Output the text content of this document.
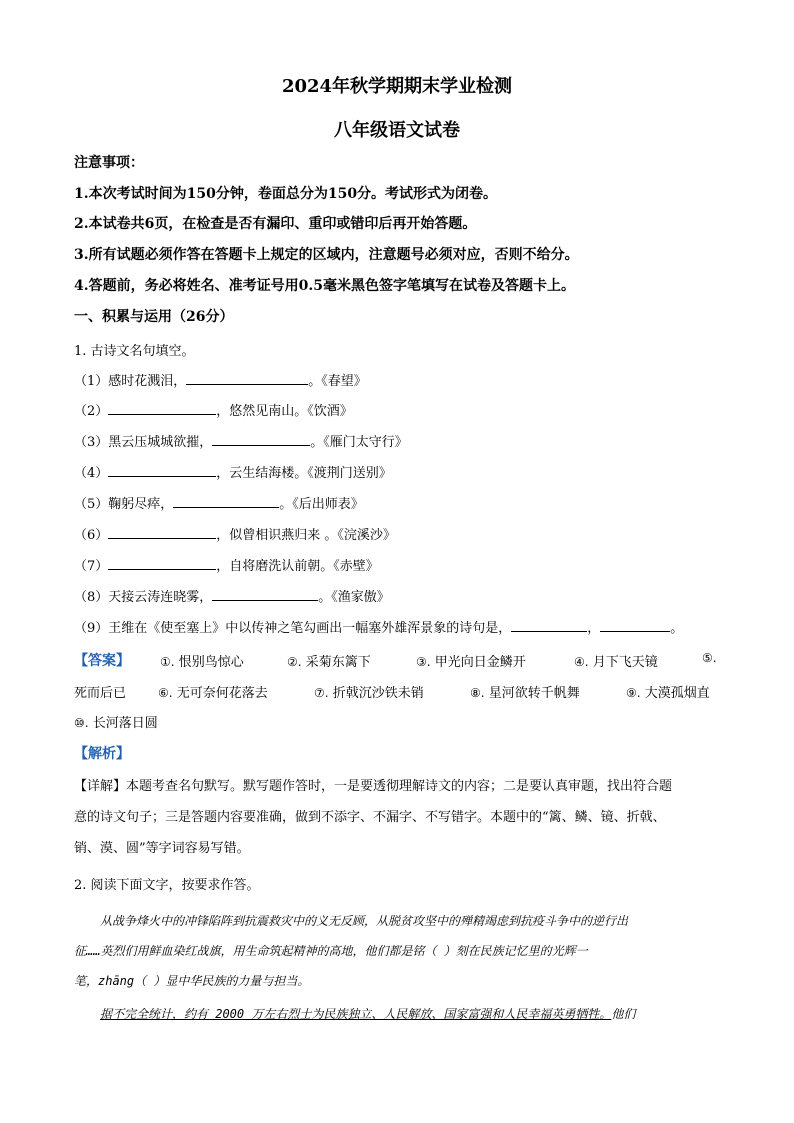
2024年秋学期期末学业检测
八年级语文试卷
注意事项：
1.本次考试时间为150分钟，卷面总分为150分。考试形式为闭卷。
2.本试卷共6页，在检查是否有漏印、重印或错印后再开始答题。
3.所有试题必须作答在答题卡上规定的区域内，注意题号必须对应，否则不给分。
4.答题前，务必将姓名、准考证号用0.5毫米黑色签字笔填写在试卷及答题卡上。
一、积累与运用（26分）
1. 古诗文名句填空。
（1）感时花溅泪，	。《春望》
（2）	，悠然见南山。《饮酒》
（3）黑云压城城欲摧，	。《雁门太守行》
（4）	，云生结海楼。《渡荆门送别》
（5）鞠躬尽瘁，	。《后出师表》
（6）	，似曾相识燕归来 。《浣溪沙》
（7）	，自将磨洗认前朝。《赤壁》
（8）天接云涛连晓雾，	。《渔家傲》
（9）王维在《使至塞上》中以传神之笔勾画出一幅塞外雄浑景象的诗句是，	，	。
【答案】	①. 恨别鸟惊心	②. 采菊东篱下	③. 甲光向日金鳞开	④. 月下飞天镜	⑤.
死而后已	⑥. 无可奈何花落去	⑦. 折戟沉沙铁未销	⑧. 星河欲转千帆舞	⑨. 大漠孤烟直
⑩. 长河落日圆
【解析】
【详解】本题考查名句默写。默写题作答时，一是要透彻理解诗文的内容；二是要认真审题，找出符合题
意的诗文句子；三是答题内容要准确，做到不添字、不漏字、不写错字。本题中的“篱、鳞、镜、折戟、
销、漠、圆”等字词容易写错。
2. 阅读下面文字，按要求作答。
从战争烽火中的冲锋陷阵到抗震救灾中的义无反顾，从脱贫攻坚中的殚精竭虑到抗疫斗争中的逆行出
征……英烈们用鲜血染红战旗，用生命筑起精神的高地，他们都是铭（ ）刻在民族记忆里的光辉一
笔，zhāng（ ）显中华民族的力量与担当。
据不完全统计，约有 2000 万左右烈士为民族独立、人民解放、国家富强和人民幸福英勇牺牲。他们
